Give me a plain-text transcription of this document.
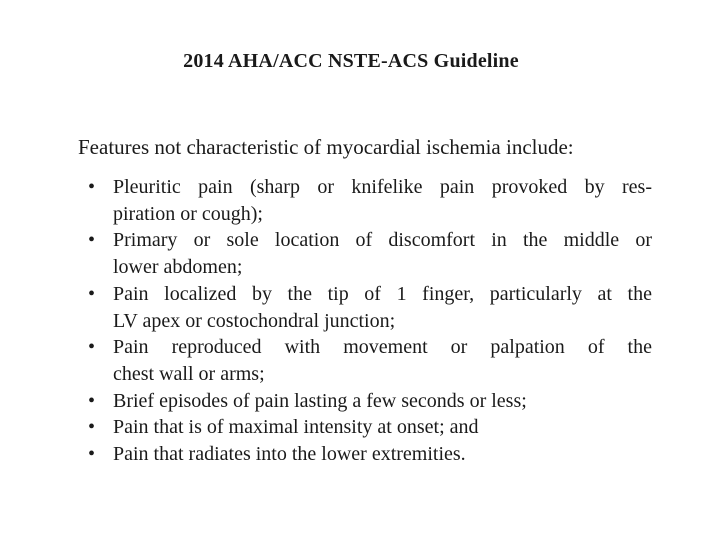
2014 AHA/ACC NSTE-ACS Guideline
Features not characteristic of myocardial ischemia include:
• Pleuritic pain (sharp or knifelike pain provoked by res-
piration or cough);
• Primary or sole location of discomfort in the middle or
lower abdomen;
• Pain localized by the tip of 1 finger, particularly at the
LV apex or costochondral junction;
• Pain reproduced with movement or palpation of the
chest wall or arms;
• Brief episodes of pain lasting a few seconds or less;
• Pain that is of maximal intensity at onset; and
• Pain that radiates into the lower extremities.
